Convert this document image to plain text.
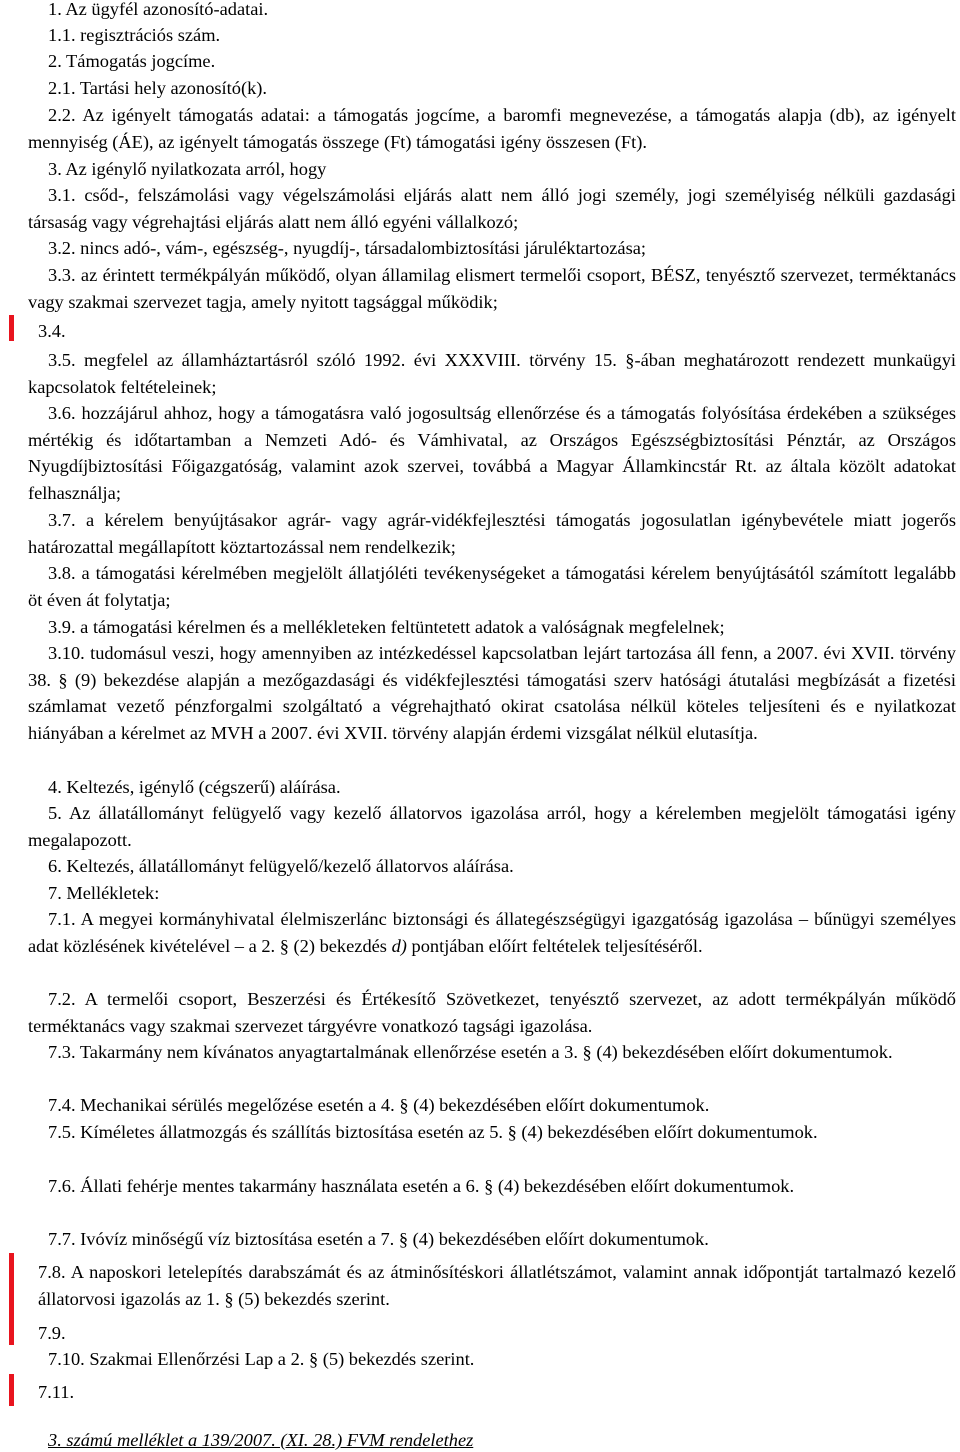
1. Az ügyfél azonosító-adatai.

1.1. regisztrációs szám.

2. Támogatás jogcíme.

2.1. Tartási hely azonosító(k).

2.2. Az igényelt támogatás adatai: a támogatás jogcíme, a baromfi megnevezése, a támogatás alapja (db), az igényelt mennyiség (ÁE), az igényelt támogatás összege (Ft) támogatási igény összesen (Ft).

3. Az igénylő nyilatkozata arról, hogy

3.1. csőd-, felszámolási vagy végelszámolási eljárás alatt nem álló jogi személy, jogi személyiség nélküli gazdasági társaság vagy végrehajtási eljárás alatt nem álló egyéni vállalkozó;

3.2. nincs adó-, vám-, egészség-, nyugdíj-, társadalombiztosítási járuléktartozása;

3.3. az érintett termékpályán működő, olyan államilag elismert termelői csoport, BÉSZ, tenyésztő szervezet, terméktanács vagy szakmai szervezet tagja, amely nyitott tagsággal működik;

3.4.

3.5. megfelel az államháztartásról szóló 1992. évi XXXVIII. törvény 15. §-ában meghatározott rendezett munkaügyi kapcsolatok feltételeinek;

3.6. hozzájárul ahhoz, hogy a támogatásra való jogosultság ellenőrzése és a támogatás folyósítása érdekében a szükséges mértékig és időtartamban a Nemzeti Adó- és Vámhivatal, az Országos Egészségbiztosítási Pénztár, az Országos Nyugdíjbiztosítási Főigazgatóság, valamint azok szervei, továbbá a Magyar Államkincstár Rt. az általa közölt adatokat felhasználja;

3.7. a kérelem benyújtásakor agrár- vagy agrár-vidékfejlesztési támogatás jogosulatlan igénybevétele miatt jogerős határozattal megállapított köztartozással nem rendelkezik;

3.8. a támogatási kérelmében megjelölt állatjóléti tevékenységeket a támogatási kérelem benyújtásától számított legalább öt éven át folytatja;

3.9. a támogatási kérelmen és a mellékleteken feltüntetett adatok a valóságnak megfelelnek;

3.10. tudomásul veszi, hogy amennyiben az intézkedéssel kapcsolatban lejárt tartozása áll fenn, a 2007. évi XVII. törvény 38. § (9) bekezdése alapján a mezőgazdasági és vidékfejlesztési támogatási szerv hatósági átutalási megbízását a fizetési számlamat vezető pénzforgalmi szolgáltató a végrehajtható okirat csatolása nélkül köteles teljesíteni és e nyilatkozat hiányában a kérelmet az MVH a 2007. évi XVII. törvény alapján érdemi vizsgálat nélkül elutasítja.

4. Keltezés, igénylő (cégszerű) aláírása.

5. Az állatállományt felügyelő vagy kezelő állatorvos igazolása arról, hogy a kérelemben megjelölt támogatási igény megalapozott.

6. Keltezés, állatállományt felügyelő/kezelő állatorvos aláírása.

7. Mellékletek:

7.1. A megyei kormányhivatal élelmiszerlánc biztonsági és állategészségügyi igazgatóság igazolása – bűnügyi személyes adat közlésének kivételével – a 2. § (2) bekezdés d) pontjában előírt feltételek teljesítéséről.

7.2. A termelői csoport, Beszerzési és Értékesítő Szövetkezet, tenyésztő szervezet, az adott termékpályán működő terméktanács vagy szakmai szervezet tárgyévre vonatkozó tagsági igazolása.

7.3. Takarmány nem kívánatos anyagtartalmának ellenőrzése esetén a 3. § (4) bekezdésében előírt dokumentumok.

7.4. Mechanikai sérülés megelőzése esetén a 4. § (4) bekezdésében előírt dokumentumok.

7.5. Kíméletes állatmozgás és szállítás biztosítása esetén az 5. § (4) bekezdésében előírt dokumentumok.

7.6. Állati fehérje mentes takarmány használata esetén a 6. § (4) bekezdésében előírt dokumentumok.

7.7. Ivóvíz minőségű víz biztosítása esetén a 7. § (4) bekezdésében előírt dokumentumok.

7.8. A naposkori letelepítés darabszámát és az átminősítéskori állatlétszámot, valamint annak időpontját tartalmazó kezelő állatorvosi igazolás az 1. § (5) bekezdés szerint.

7.9.

7.10. Szakmai Ellenőrzési Lap a 2. § (5) bekezdés szerint.

7.11.

3. számú melléklet a 139/2007. (XI. 28.) FVM rendelethez
